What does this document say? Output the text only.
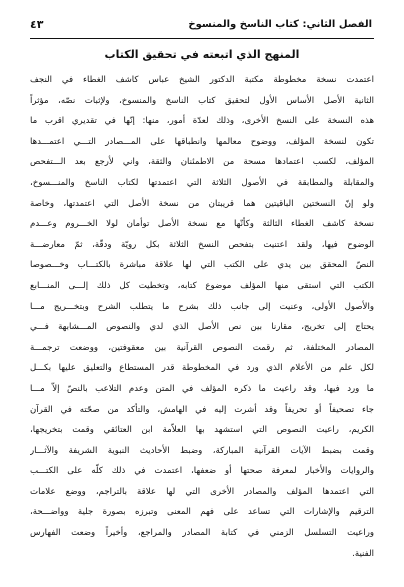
الفصل الثاني: كتاب الناسخ والمنسوخ
٤٣
المنهج الذي اتبعته في تحقيق الكتاب
اعتمدت نسخة مخطوطة مكتبة الدكتور الشيخ عباس كاشف الغطاء في النجف
الثانية الأصل الأساس الأول لتحقيق كتاب الناسخ والمنسوخ، ولإثبات نصّه، مؤثراً
هذه النسخة على النسخ الأخرى، وذلك لعدّة أمور، منها: إنّها في تقديري اقرب ما
تكون لنسخة المؤلف، ووضوح معالمها وانطباقها على المـــصادر التـــي اعتمـــدها
المؤلف، لكسب اعتمادها مسحة من الاطمئنان والثقة، واني لأرجع بعد الـــتفحص
والمقابلة والمطابقة في الأصول الثلاثة التي اعتمدتها لكتاب الناسخ والمنـــسوخ،
ولو إنّ النسختين الباقيتين هما قريبتان من نسخة الأصل التي اعتمدتها، وخاصة
نسخة كاشف الغطاء الثالثة وكأنّها مع نسخة الأصل توأمان لولا الخـــروم وعـــدم
الوضوح فيها، ولقد اعتنيت بتفحص النسخ الثلاثة بكل رويّة ودقّة، ثمّ معارضـــة
النصّ المحقق بين يدي على الكتب التي لها علاقة مباشرة بالكتـــاب وخـــصوصا
الكتب التي استقى منها المؤلف موضوع كتابه، وتخطيت كل ذلك إلـــى المنـــابع
والأصول الأولى، وعنيت إلى جانب ذلك بشرح ما يتطلب الشرح وبتخـــريج مـــا
يحتاج إلى تخريج، مقارنا بين نص الأصل الذي لدي والنصوص المـــشابهة فـــي
المصادر المختلفة، ثم رقمت النصوص القرآنية بين معقوفتين، ووضعت ترجمـــة
لكل علم من الأعلام الذي ورد في المخطوطة قدر المستطاع والتعليق عليها بكـــل
ما ورد فيها، وقد راعيت ما ذكره المؤلف في المتن وعدم التلاعب بالنصّ إلاّ مـــا
جاء تصحيفاً أو تحريفاً وقد أشرت إليه في الهامش، والتأكد من صحّته في القرآن
الكريم، راعيت النصوص التي استشهد بها العلاّمة ابن العتائقي وقمت بتخريجها،
وقمت بضبط الآيات القرآنية المباركة، وضبط الأحاديث النبوية الشريفة والآثـــار
والروايات والأخبار لمعرفة صحتها أو ضعفها، اعتمدت في ذلك كلّه على الكتـــب
التي اعتمدها المؤلف والمصادر الأخرى التي لها علاقة بالتراجم، ووضع علامات
الترقيم والإشارات التي تساعد على فهم المعنى وتبرزه بصورة جلية وواضـــحة،
وراعيت التسلسل الزمني في كتابة المصادر والمراجع، وأخيراً وضعت الفهارس
الفنية.
